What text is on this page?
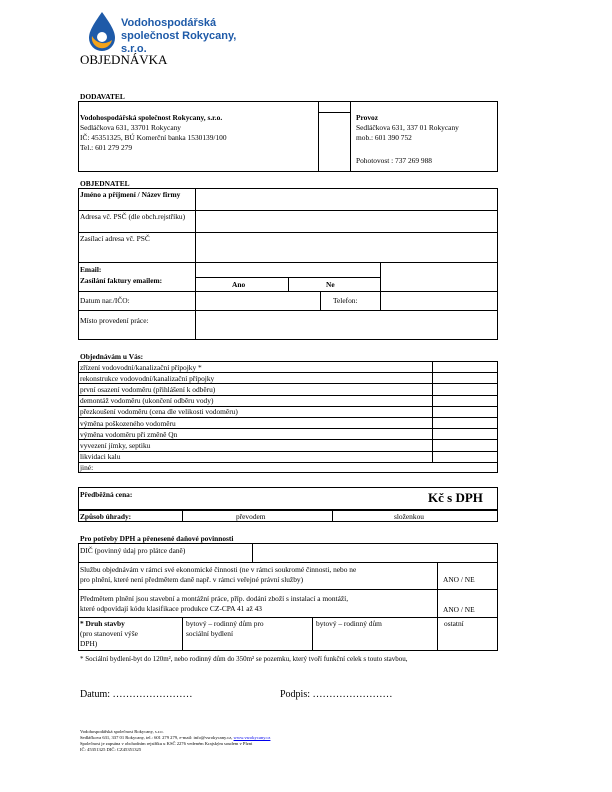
Vodohospodářská
společnost Rokycany, s.r.o.
OBJEDNÁVKA
DODAVATEL
Vodohospodářská společnost Rokycany, s.r.o.
Sedláčkova 631, 33701 Rokycany
IČ: 45351325, BÚ Komerční banka 1530139/100
Tel.: 601 279 279
Provoz
Sedláčkova 631, 337 01 Rokycany
mob.: 601 390 752
Pohotovost : 737 269 988
OBJEDNATEL
Jméno a příjmení / Název firmy
Adresa vč. PSČ (dle obch.rejstříku)
Zasílací adresa vč. PSČ
Email:
Zasílání faktury emailem:	Ano	Ne
Datum nar./IČO:	Telefon:
Místo provedení práce:
Objednávám u Vás:
zřízení vodovodní/kanalizační přípojky *
rekonstrukce vodovodní/kanalizační přípojky
první osazení vodoměru (přihlášení k odběru)
demontáž vodoměru (ukončení odběru vody)
přezkoušení vodoměru (cena dle velikosti vodoměru)
výměna poškozeného vodoměru
výměna vodoměru při změně Qn
vyvezení jímky, septiku
likvidaci kalu
jiné:
Předběžná cena:	Kč s DPH
Způsob úhrady:	převodem	složenkou
Pro potřeby DPH a přenesené daňové povinnosti
DIČ (povinný údaj pro plátce daně)
Službu objednávám v rámci své ekonomické činnosti (ne v rámci soukromé činnosti, nebo ne
pro plnění, které není předmětem daně např. v rámci veřejné právní služby)	ANO / NE
Předmětem plnění jsou stavební a montážní práce, příp. dodání zboží s instalací a montáží,
které odpovídají kódu klasifikace produkce CZ-CPA 41 až 43	ANO / NE
* Druh stavby
(pro stanovení výše
DPH)
bytový – rodinný dům pro
sociální bydlení
bytový – rodinný dům	ostatní
* Sociální bydlení-byt do 120m², nebo rodinný dům do 350m² se pozemku, který tvoří funkční celek s touto stavbou,
Datum: ……………………	Podpis: ……………………
Vodohospodářská společnost Rokycany, s.r.o.
Sedláčkova 631, 337 01 Rokycany, tel.: 601 279 279, e-mail: info@vsrokycany.cz, www.vsrokycany.cz
Společnost je zapsána v obchodním rejstříku u KSČ 2276 vedeném Krajským soudem v Plzni
IČ: 45351325 DIČ: CZ45351325
